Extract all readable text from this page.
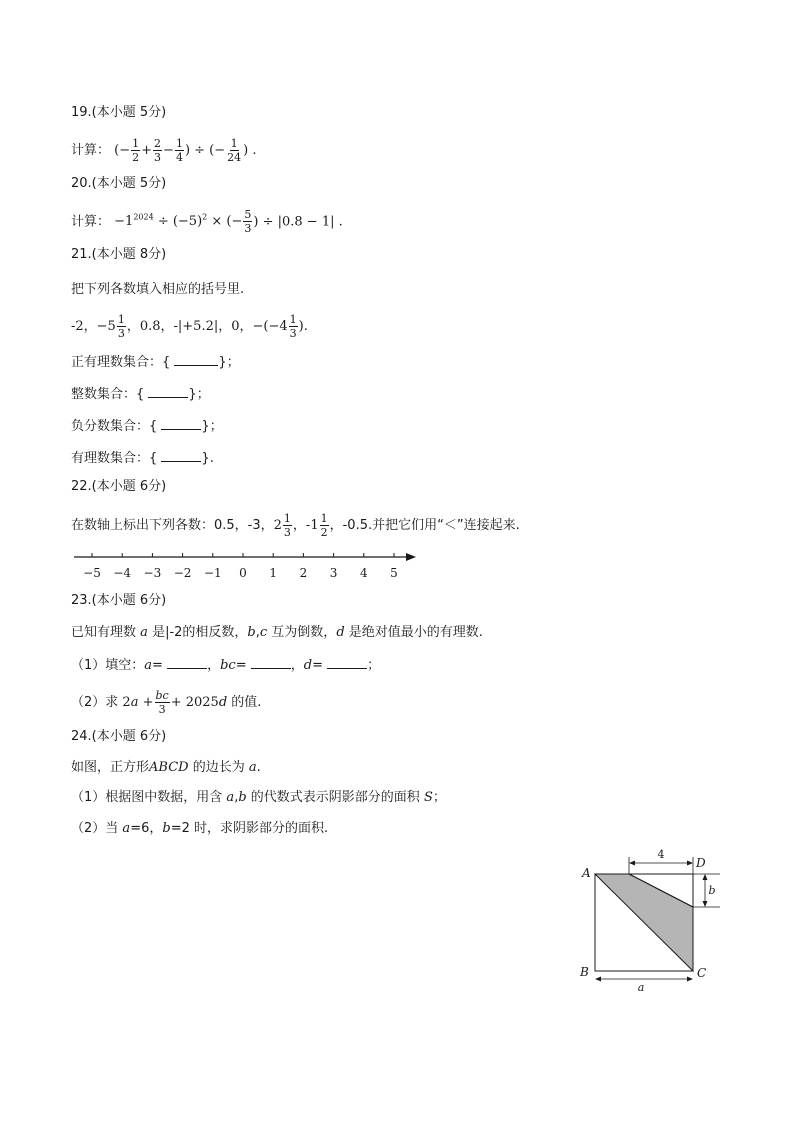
19.(本小题 5分)
计算： (− $\frac{1}{2} + \frac{2}{3} - \frac{1}{4}$ ) ÷ (− $\frac{1}{24}$ ) .
20.(本小题 5分)
计算： $-1^{2024} \div (-5)^2$ × (− $\frac{5}{3}$ ) ÷ |0.8 − 1| .
21.(本小题 8分)
把下列各数填入相应的括号里.
-2，$-5 \frac{1}{3}$ ，0.8，-|+5.2|，0，$-(-4 \frac{1}{3}$ ).
正有理数集合：{	}；
整数集合：{	}；
负分数集合：{	}；
有理数集合：{	}.
22.(本小题 6分)
在数轴上标出下列各数：0.5，-3，$2 \frac{1}{3}$ ，$-1 \frac{1}{2}$ ，-0.5.并把它们用“＜”连接起来.
−5 −4 −3 −2 −1 0 1 2 3 4 5
23.(本小题 6分)
已知有理数 a 是|-2的相反数，b,c 互为倒数，d 是绝对值最小的有理数.
（1）填空：a=	，bc=	，d=	；
（2）求 $2a + \frac{bc}{3} + 2025d$ 的值.
24.(本小题 6分)
如图，正方形ABCD 的边长为 a.
（1）根据图中数据，用含 a,b 的代数式表示阴影部分的面积 S；
（2）当 a=6，b=2 时，求阴影部分的面积.
4
b
a
A
B	C
D
